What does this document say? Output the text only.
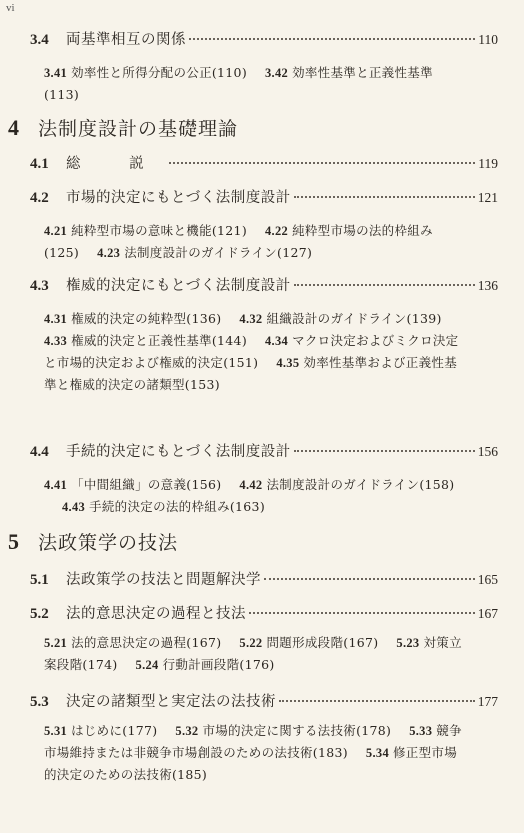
vi
3.4	両基準相互の関係	110
3.41 効率性と所得分配の公正(110) 3.42 効率性基準と正義性基準(113)
4	法制度設計の基礎理論
4.1	総 説	119
4.2	市場的決定にもとづく法制度設計	121
4.21 純粋型市場の意味と機能(121) 4.22 純粋型市場の法的枠組み(125) 4.23 法制度設計のガイドライン(127)
4.3	権威的決定にもとづく法制度設計	136
4.31 権威的決定の純粋型(136) 4.32 組織設計のガイドライン(139)4.33 権威的決定と正義性基準(144) 4.34 マクロ決定およびミクロ決定と市場的決定および権威的決定(151) 4.35 効率性基準および正義性基準と権威的決定の諸類型(153)
4.4	手続的決定にもとづく法制度設計	156
4.41 「中間組織」の意義(156) 4.42 法制度設計のガイドライン(158)4.43 手続的決定の法的枠組み(163)
5	法政策学の技法
5.1	法政策学の技法と問題解決学	165
5.2	法的意思決定の過程と技法	167
5.21 法的意思決定の過程(167) 5.22 問題形成段階(167) 5.23 対策立案段階(174) 5.24 行動計画段階(176)
5.3	決定の諸類型と実定法の法技術	177
5.31 はじめに(177) 5.32 市場的決定に関する法技術(178) 5.33 競争市場維持または非競争市場創設のための法技術(183) 5.34 修正型市場的決定のための法技術(185)
